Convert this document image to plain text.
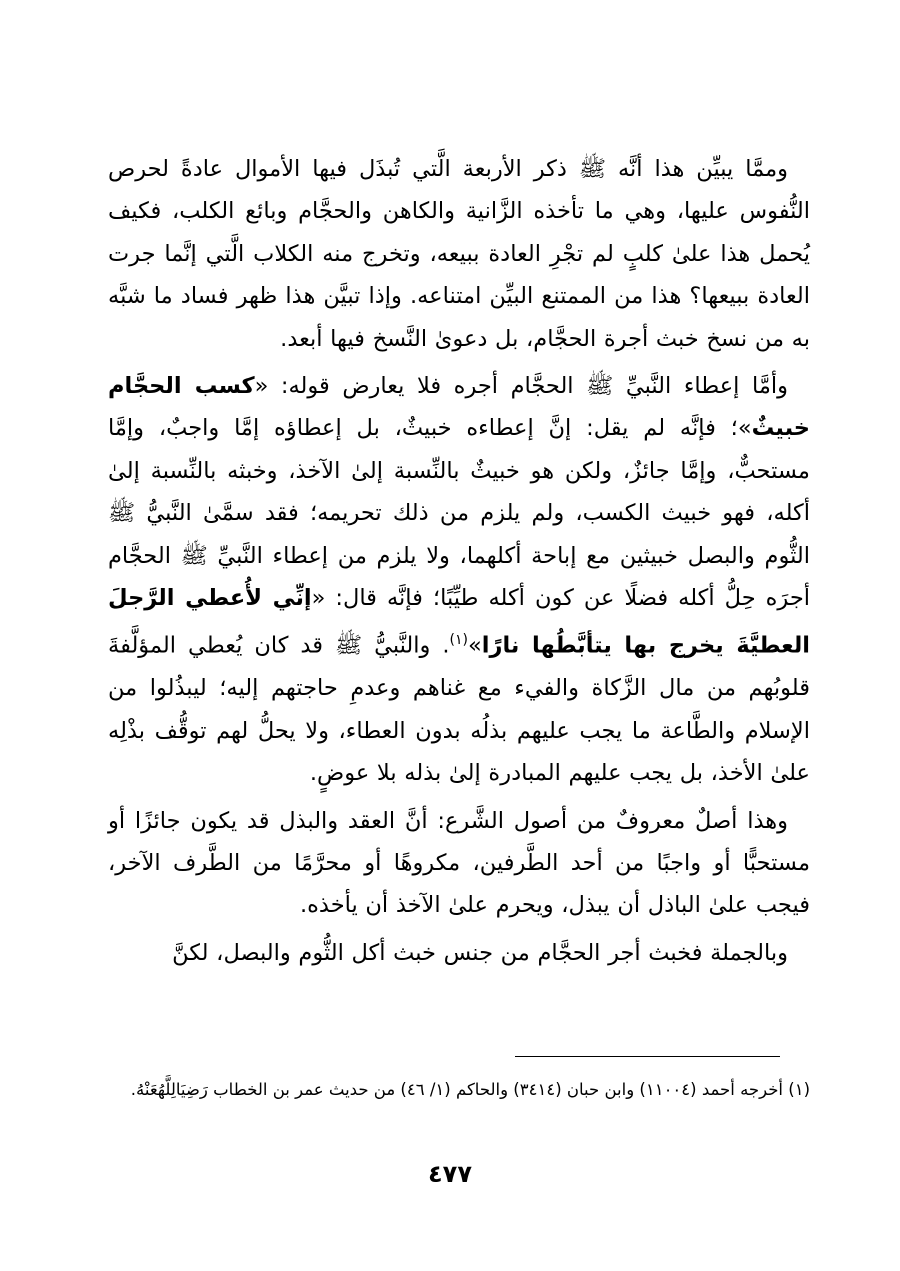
وممَّا يبيِّن هذا أنَّه ﷺ ذكر الأربعة الَّتي تُبذَل فيها الأموال عادةً لحرص النُّفوس عليها، وهي ما تأخذه الزَّانية والكاهن والحجَّام وبائع الكلب، فكيف يُحمل هذا علىٰ كلبٍ لم تجْرِ العادة ببيعه، وتخرج منه الكلاب الَّتي إنَّما جرت العادة ببيعها؟ هذا من الممتنع البيِّن امتناعه. وإذا تبيَّن هذا ظهر فساد ما شبَّه به من نسخ خبث أجرة الحجَّام، بل دعوىٰ النَّسخ فيها أبعد.

وأمَّا إعطاء النَّبيِّ ﷺ الحجَّام أجره فلا يعارض قوله: «كسب الحجَّام خبيثٌ»؛ فإنَّه لم يقل: إنَّ إعطاءه خبيثٌ، بل إعطاؤه إمَّا واجبٌ، وإمَّا مستحبٌّ، وإمَّا جائزٌ، ولكن هو خبيثٌ بالنِّسبة إلىٰ الآخذ، وخبثه بالنِّسبة إلىٰ أكله، فهو خبيث الكسب، ولم يلزم من ذلك تحريمه؛ فقد سمَّىٰ النَّبيُّ ﷺ الثُّوم والبصل خبيثين مع إباحة أكلهما، ولا يلزم من إعطاء النَّبيِّ ﷺ الحجَّام أجرَه حِلُّ أكله فضلًا عن كون أكله طيِّبًا؛ فإنَّه قال: «إنِّي لأُعطي الرَّجلَ العطيَّةَ يخرج بها يتأبَّطُها نارًا»$^{(١)}$. والنَّبيُّ ﷺ قد كان يُعطي المؤلَّفةَ قلوبُهم من مال الزَّكاة والفيء مع غناهم وعدمِ حاجتهم إليه؛ ليبذُلوا من الإسلام والطَّاعة ما يجب عليهم بذلُه بدون العطاء، ولا يحلُّ لهم توقُّف بذْلِه علىٰ الأخذ، بل يجب عليهم المبادرة إلىٰ بذله بلا عوضٍ.

وهذا أصلٌ معروفٌ من أصول الشَّرع: أنَّ العقد والبذل قد يكون جائزًا أو مستحبًّا أو واجبًا من أحد الطَّرفين، مكروهًا أو محرَّمًا من الطَّرف الآخر، فيجب علىٰ الباذل أن يبذل، ويحرم علىٰ الآخذ أن يأخذه.

وبالجملة فخبث أجر الحجَّام من جنس خبث أكل الثُّوم والبصل، لكنَّ

(١) أخرجه أحمد (١١٠٠٤) وابن حبان (٣٤١٤) والحاكم (١/ ٤٦) من حديث عمر بن الخطاب رَضِيَالِلَّهُعَنْهُ.

٤٧٧
